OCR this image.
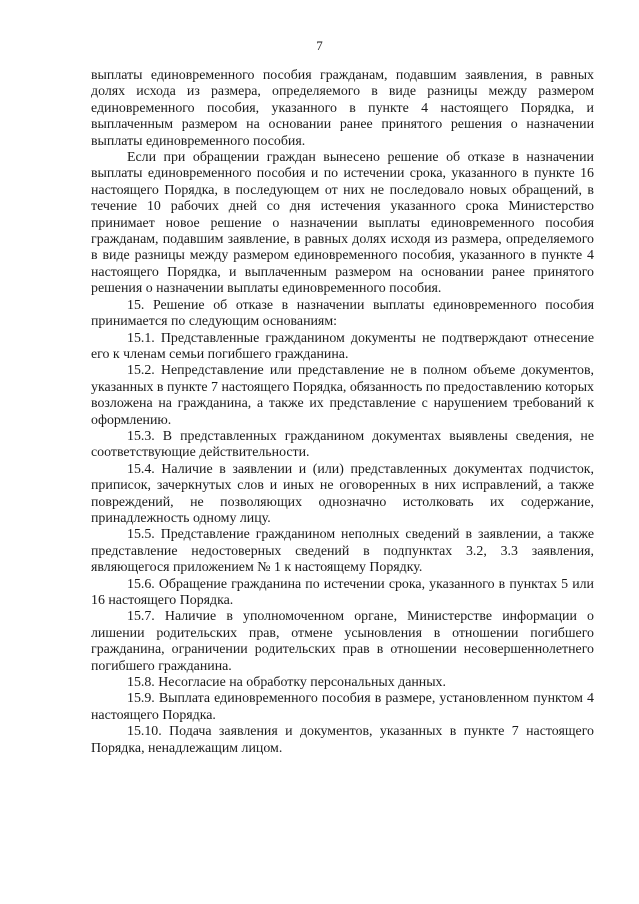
7

выплаты единовременного пособия гражданам, подавшим заявления, в равных долях исхода из размера, определяемого в виде разницы между размером единовременного пособия, указанного в пункте 4 настоящего Порядка, и выплаченным размером на основании ранее принятого решения о назначении выплаты единовременного пособия.

Если при обращении граждан вынесено решение об отказе в назначении выплаты единовременного пособия и по истечении срока, указанного в пункте 16 настоящего Порядка, в последующем от них не последовало новых обращений, в течение 10 рабочих дней со дня истечения указанного срока Министерство принимает новое решение о назначении выплаты единовременного пособия гражданам, подавшим заявление, в равных долях исходя из размера, определяемого в виде разницы между размером единовременного пособия, указанного в пункте 4 настоящего Порядка, и выплаченным размером на основании ранее принятого решения о назначении выплаты единовременного пособия.

15. Решение об отказе в назначении выплаты единовременного пособия принимается по следующим основаниям:

15.1. Представленные гражданином документы не подтверждают отнесение его к членам семьи погибшего гражданина.

15.2. Непредставление или представление не в полном объеме документов, указанных в пункте 7 настоящего Порядка, обязанность по предоставлению которых возложена на гражданина, а также их представление с нарушением требований к оформлению.

15.3. В представленных гражданином документах выявлены сведения, не соответствующие действительности.

15.4. Наличие в заявлении и (или) представленных документах подчисток, приписок, зачеркнутых слов и иных не оговоренных в них исправлений, а также повреждений, не позволяющих однозначно истолковать их содержание, принадлежность одному лицу.

15.5. Представление гражданином неполных сведений в заявлении, а также представление недостоверных сведений в подпунктах 3.2, 3.3 заявления, являющегося приложением № 1 к настоящему Порядку.

15.6. Обращение гражданина по истечении срока, указанного в пунктах 5 или 16 настоящего Порядка.

15.7. Наличие в уполномоченном органе, Министерстве информации о лишении родительских прав, отмене усыновления в отношении погибшего гражданина, ограничении родительских прав в отношении несовершеннолетнего погибшего гражданина.

15.8. Несогласие на обработку персональных данных.

15.9. Выплата единовременного пособия в размере, установленном пунктом 4 настоящего Порядка.

15.10. Подача заявления и документов, указанных в пункте 7 настоящего Порядка, ненадлежащим лицом.
